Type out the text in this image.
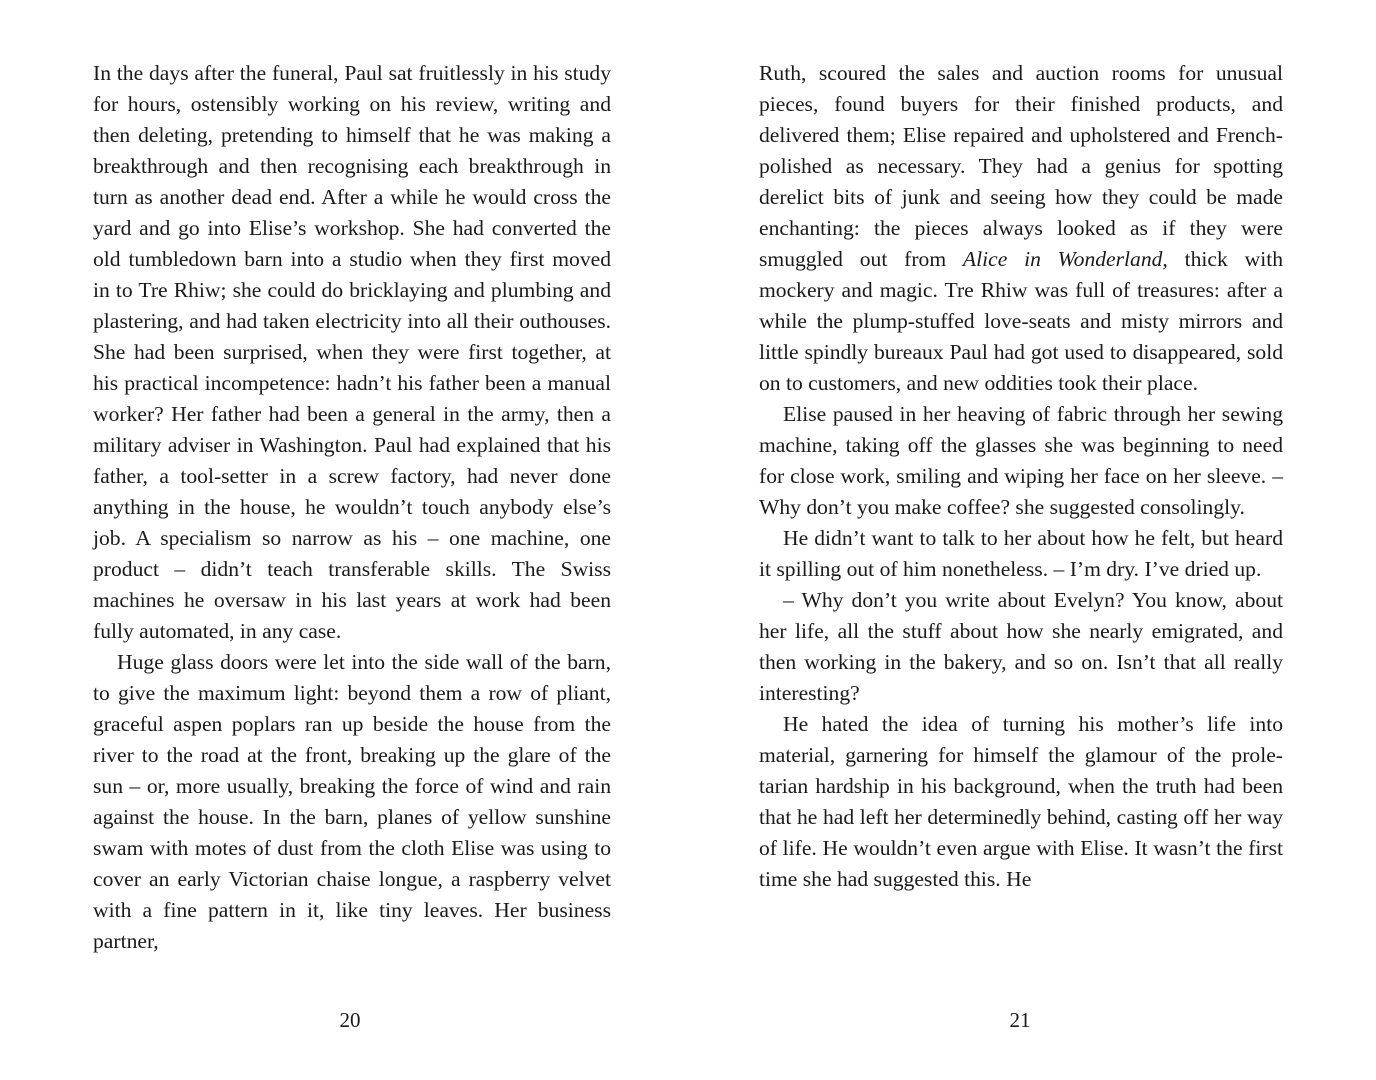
In the days after the funeral, Paul sat fruitlessly in his study for hours, ostensibly working on his review, writing and then deleting, pretending to himself that he was making a breakthrough and then recognising each breakthrough in turn as another dead end. After a while he would cross the yard and go into Elise’s workshop. She had converted the old tumbledown barn into a studio when they first moved in to Tre Rhiw; she could do bricklaying and plumbing and plastering, and had taken electricity into all their outhouses. She had been surprised, when they were first together, at his practical incompetence: hadn’t his father been a manual worker? Her father had been a general in the army, then a military adviser in Washington. Paul had explained that his father, a tool-setter in a screw factory, had never done anything in the house, he wouldn’t touch anybody else’s job. A specialism so narrow as his – one machine, one product – didn’t teach transferable skills. The Swiss machines he oversaw in his last years at work had been fully automated, in any case.

Huge glass doors were let into the side wall of the barn, to give the maximum light: beyond them a row of pliant, graceful aspen poplars ran up beside the house from the river to the road at the front, breaking up the glare of the sun – or, more usually, breaking the force of wind and rain against the house. In the barn, planes of yellow sunshine swam with motes of dust from the cloth Elise was using to cover an early Victorian chaise longue, a raspberry velvet with a fine pattern in it, like tiny leaves. Her business partner,

Ruth, scoured the sales and auction rooms for unusual pieces, found buyers for their finished products, and delivered them; Elise repaired and upholstered and French-polished as necessary. They had a genius for spotting derelict bits of junk and seeing how they could be made enchanting: the pieces always looked as if they were smuggled out from Alice in Wonderland, thick with mockery and magic. Tre Rhiw was full of treasures: after a while the plump-stuffed love-seats and misty mirrors and little spindly bureaux Paul had got used to disappeared, sold on to customers, and new oddities took their place.

Elise paused in her heaving of fabric through her sewing machine, taking off the glasses she was beginning to need for close work, smiling and wiping her face on her sleeve. – Why don’t you make coffee? she suggested consolingly.

He didn’t want to talk to her about how he felt, but heard it spilling out of him nonetheless. – I’m dry. I’ve dried up.

– Why don’t you write about Evelyn? You know, about her life, all the stuff about how she nearly emigrated, and then working in the bakery, and so on. Isn’t that all really interesting?

He hated the idea of turning his mother’s life into material, garnering for himself the glamour of the proletarian hardship in his background, when the truth had been that he had left her determinedly behind, casting off her way of life. He wouldn’t even argue with Elise. It wasn’t the first time she had suggested this. He

20	21
